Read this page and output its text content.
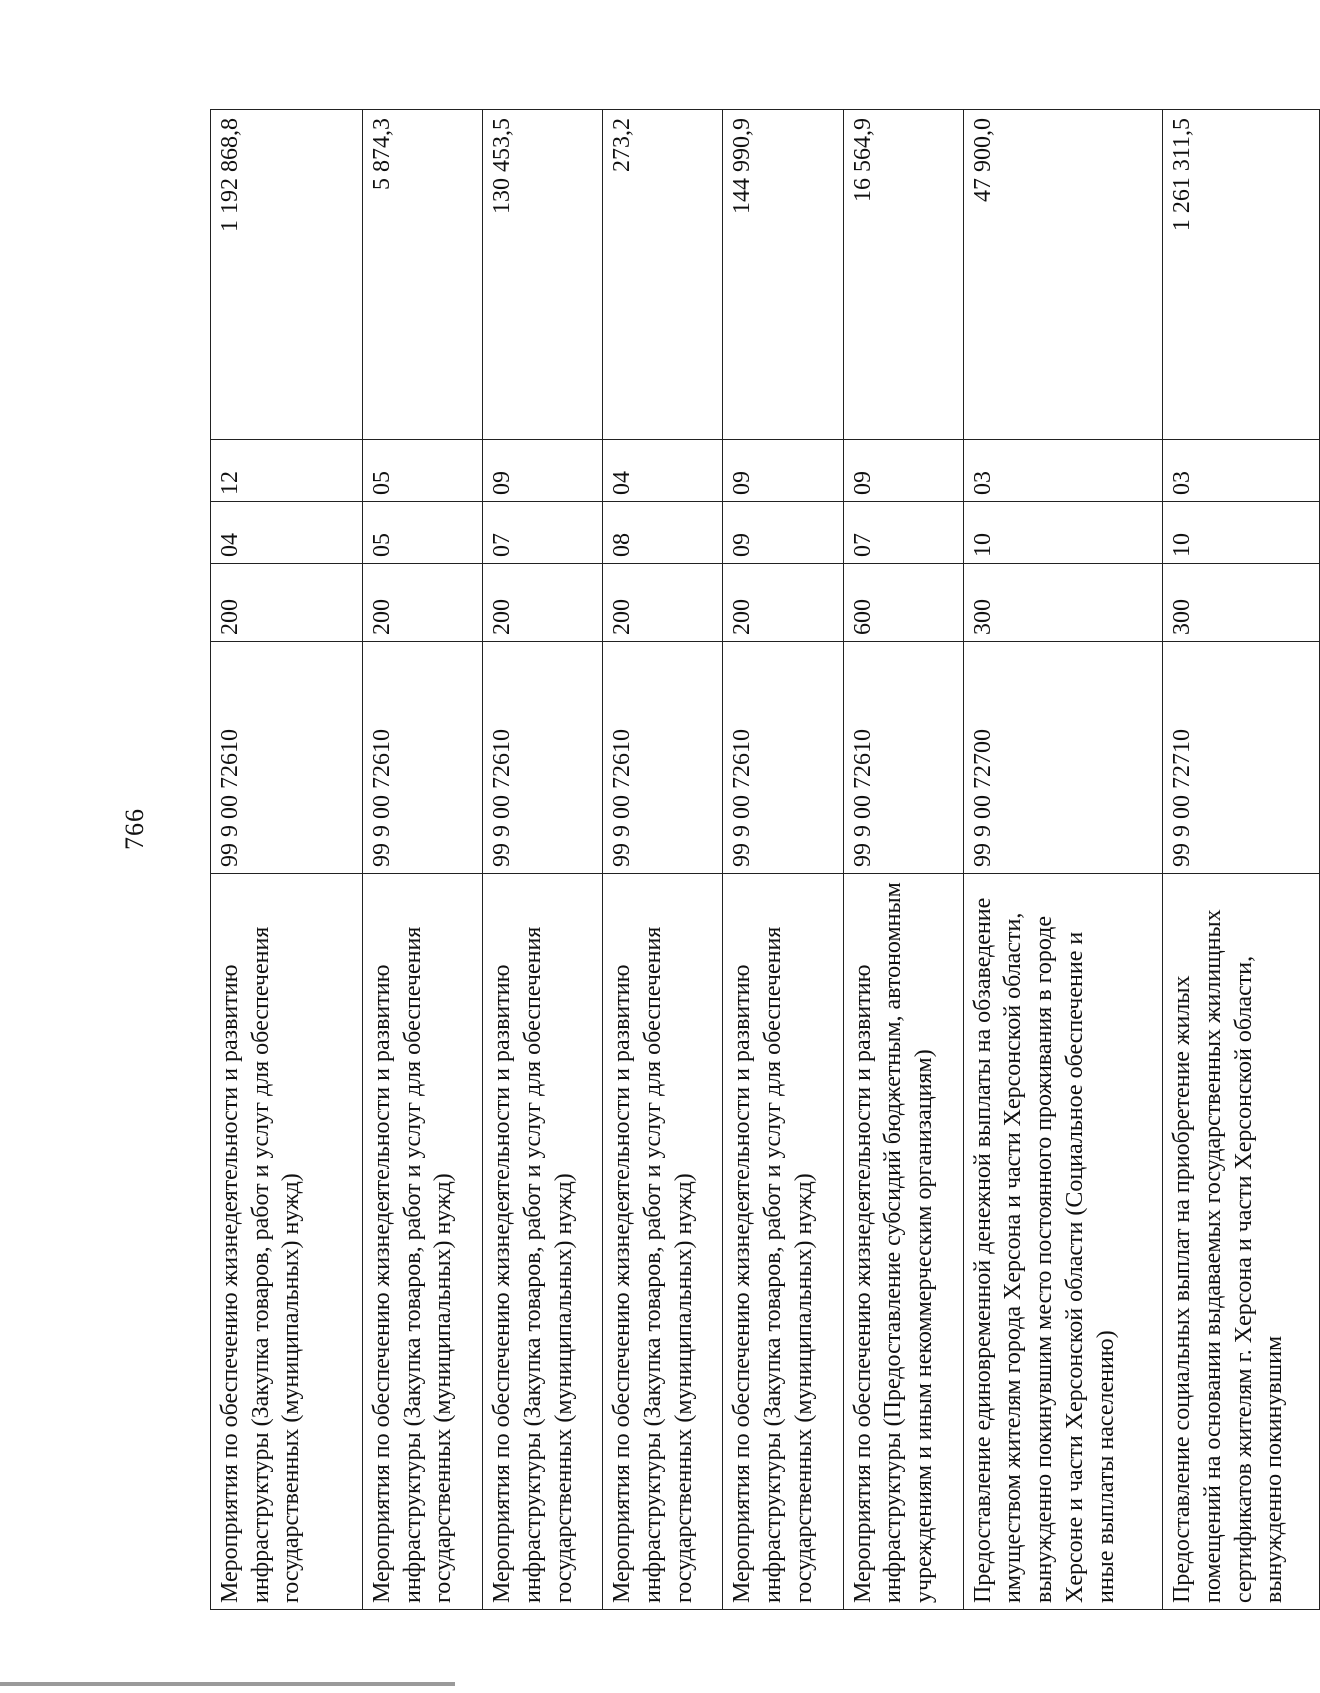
766
Мероприятия по обеспечению жизнедеятельности и развитию инфраструктуры (Закупка товаров, работ и услуг для обеспечения государственных (муниципальных) нужд)	99 9 00 72610	200	04	12	1 192 868,8
Мероприятия по обеспечению жизнедеятельности и развитию инфраструктуры (Закупка товаров, работ и услуг для обеспечения государственных (муниципальных) нужд)	99 9 00 72610	200	05	05	5 874,3
Мероприятия по обеспечению жизнедеятельности и развитию инфраструктуры (Закупка товаров, работ и услуг для обеспечения государственных (муниципальных) нужд)	99 9 00 72610	200	07	09	130 453,5
Мероприятия по обеспечению жизнедеятельности и развитию инфраструктуры (Закупка товаров, работ и услуг для обеспечения государственных (муниципальных) нужд)	99 9 00 72610	200	08	04	273,2
Мероприятия по обеспечению жизнедеятельности и развитию инфраструктуры (Закупка товаров, работ и услуг для обеспечения государственных (муниципальных) нужд)	99 9 00 72610	200	09	09	144 990,9
Мероприятия по обеспечению жизнедеятельности и развитию инфраструктуры (Предоставление субсидий бюджетным, автономным учреждениям и иным некоммерческим организациям)	99 9 00 72610	600	07	09	16 564,9
Предоставление единовременной денежной выплаты на обзаведение имуществом жителям города Херсона и части Херсонской области, вынужденно покинувшим место постоянного проживания в городе Херсоне и части Херсонской области (Социальное обеспечение и иные выплаты населению)	99 9 00 72700	300	10	03	47 900,0
Предоставление социальных выплат на приобретение жилых помещений на основании выдаваемых государственных жилищных сертификатов жителям г. Херсона и части Херсонской области, вынужденно покинувшим	99 9 00 72710	300	10	03	1 261 311,5
